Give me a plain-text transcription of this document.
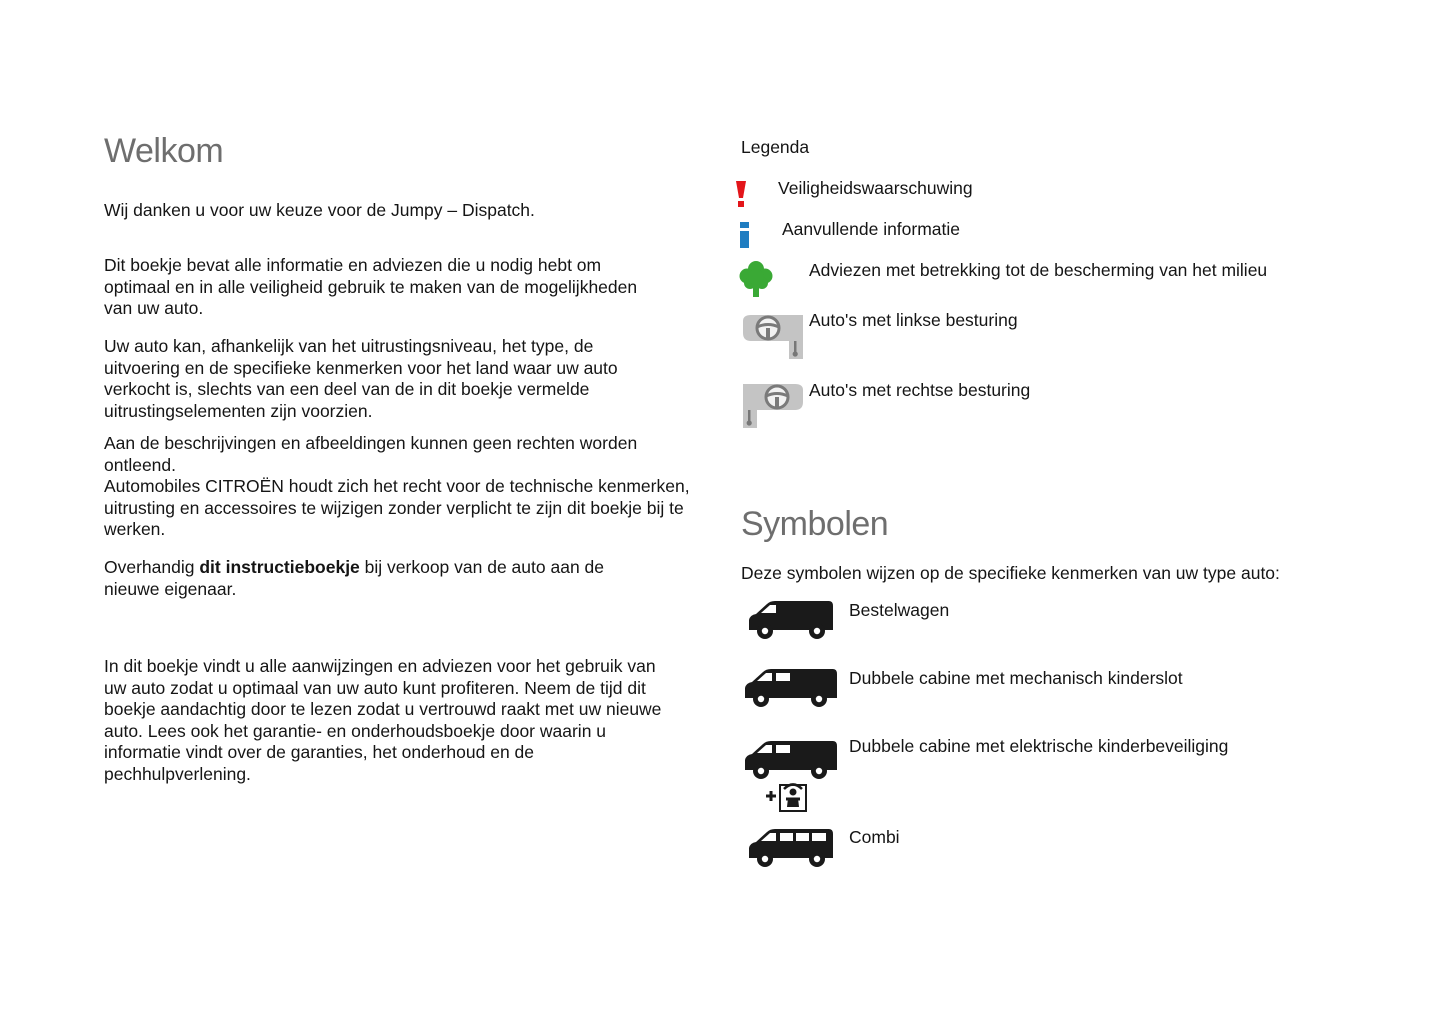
Welkom
Wij danken u voor uw keuze voor de Jumpy – Dispatch.
Dit boekje bevat alle informatie en adviezen die u nodig hebt om optimaal en in alle veiligheid gebruik te maken van de mogelijkheden van uw auto.
Uw auto kan, afhankelijk van het uitrustingsniveau, het type, de uitvoering en de specifieke kenmerken voor het land waar uw auto verkocht is, slechts van een deel van de in dit boekje vermelde uitrustingselementen zijn voorzien.
Aan de beschrijvingen en afbeeldingen kunnen geen rechten worden ontleend.
Automobiles CITROËN houdt zich het recht voor de technische kenmerken, uitrusting en accessoires te wijzigen zonder verplicht te zijn dit boekje bij te werken.
Overhandig dit instructieboekje bij verkoop van de auto aan de nieuwe eigenaar.
In dit boekje vindt u alle aanwijzingen en adviezen voor het gebruik van uw auto zodat u optimaal van uw auto kunt profiteren. Neem de tijd dit boekje aandachtig door te lezen zodat u vertrouwd raakt met uw nieuwe auto. Lees ook het garantie- en onderhoudsboekje door waarin u informatie vindt over de garanties, het onderhoud en de pechhulpverlening.
Legenda
Veiligheidswaarschuwing
Aanvullende informatie
Adviezen met betrekking tot de bescherming van het milieu
Auto's met linkse besturing
Auto's met rechtse besturing
Symbolen
Deze symbolen wijzen op de specifieke kenmerken van uw type auto:
Bestelwagen
Dubbele cabine met mechanisch kinderslot
Dubbele cabine met elektrische kinderbeveiliging
Combi
